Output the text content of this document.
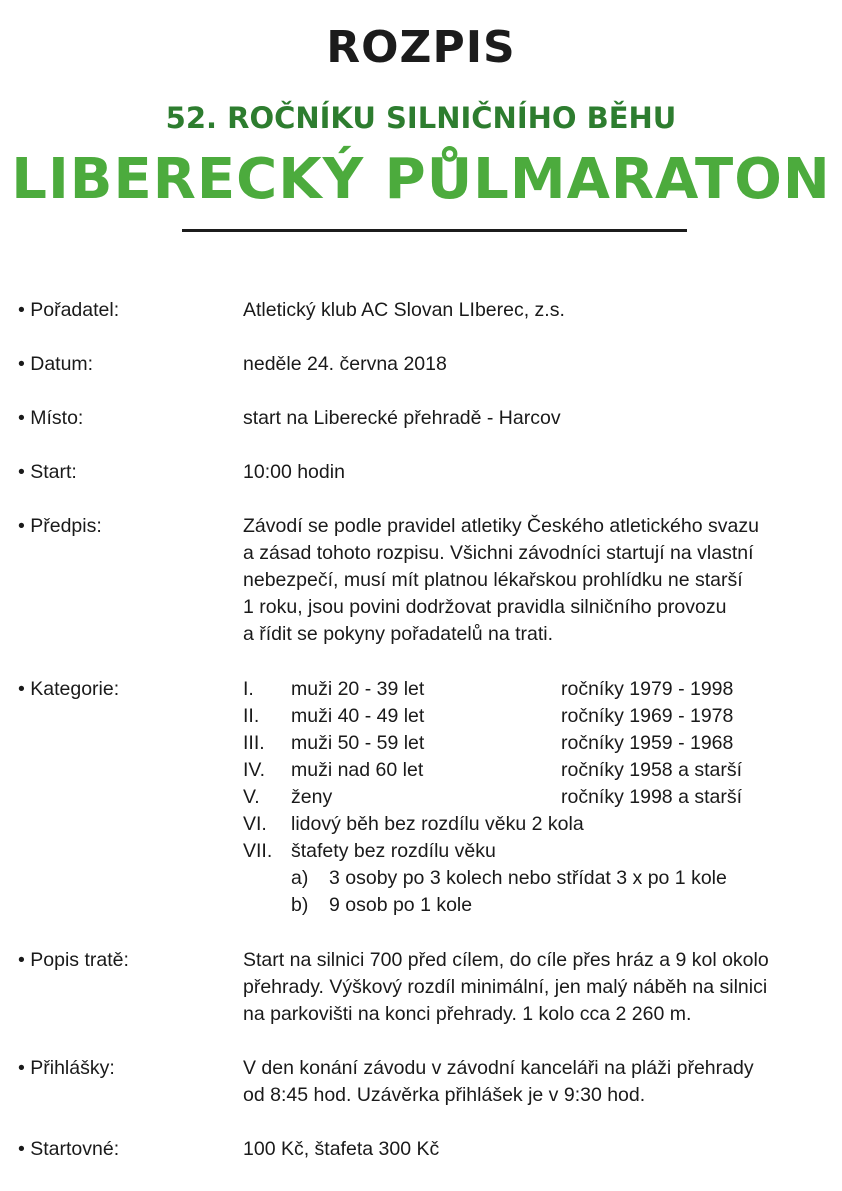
ROZPIS
52. ROČNÍKU SILNIČNÍHO BĚHU
LIBERECKÝ PŮLMARATON
• Pořadatel:	Atletický klub AC Slovan LIberec, z.s.
• Datum:	neděle 24. června 2018
• Místo:	start na Liberecké přehradě - Harcov
• Start:	10:00 hodin
• Předpis:	Závodí se podle pravidel atletiky Českého atletického svazu
a zásad tohoto rozpisu. Všichni závodníci startují na vlastní
nebezpečí, musí mít platnou lékařskou prohlídku ne starší
1 roku, jsou povini dodržovat pravidla silničního provozu
a řídit se pokyny pořadatelů na trati.
• Kategorie:	I. muži 20 - 39 let	ročníky 1979 - 1998
II. muži 40 - 49 let	ročníky 1969 - 1978
III. muži 50 - 59 let	ročníky 1959 - 1968
IV. muži nad 60 let	ročníky 1958 a starší
V. ženy	ročníky 1998 a starší
VI. lidový běh bez rozdílu věku 2 kola
VII. štafety bez rozdílu věku
a) 3 osoby po 3 kolech nebo střídat 3 x po 1 kole
b) 9 osob po 1 kole
• Popis tratě:	Start na silnici 700 před cílem, do cíle přes hráz a 9 kol okolo
přehrady. Výškový rozdíl minimální, jen malý náběh na silnici
na parkovišti na konci přehrady. 1 kolo cca 2 260 m.
• Přihlášky:	V den konání závodu v závodní kanceláři na pláži přehrady
od 8:45 hod. Uzávěrka přihlášek je v 9:30 hod.
• Startovné:	100 Kč, štafeta 300 Kč
